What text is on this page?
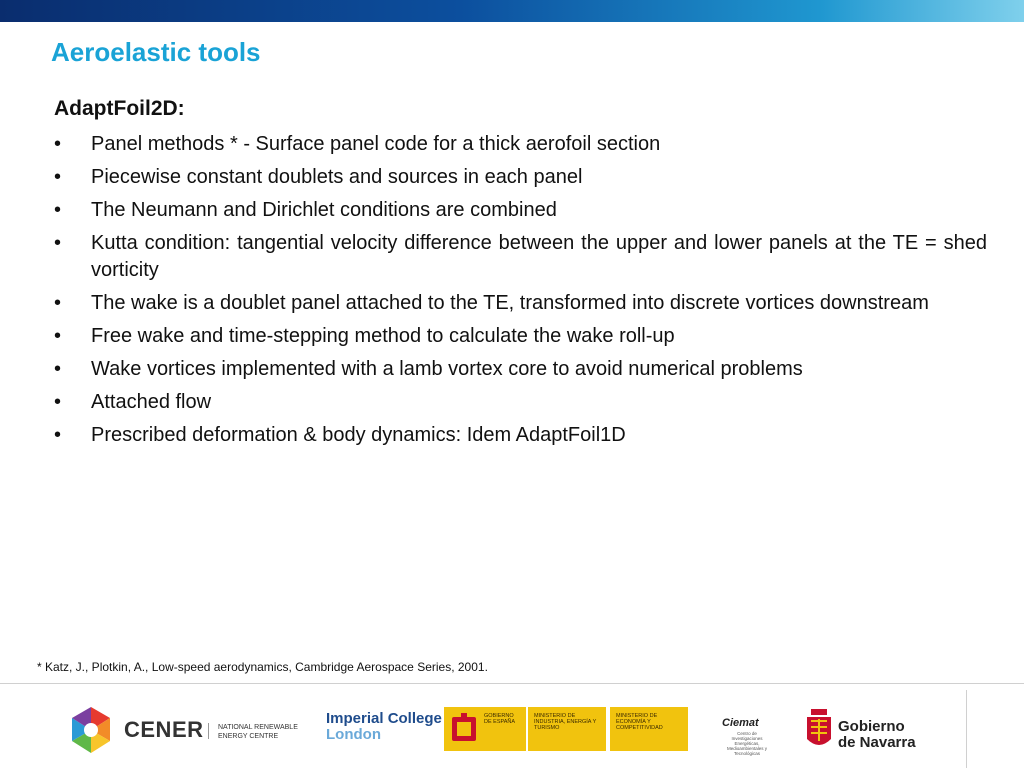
Aeroelastic tools
AdaptFoil2D:
• Panel methods * - Surface panel code for a thick aerofoil section
• Piecewise constant doublets and sources in each panel
• The Neumann and Dirichlet conditions are combined
• Kutta condition: tangential velocity difference between the upper and lower panels at the TE = shed vorticity
• The wake is a doublet panel attached to the TE, transformed into discrete vortices downstream
• Free wake and time-stepping method to calculate the wake roll-up
• Wake vortices implemented with a lamb vortex core to avoid numerical problems
• Attached flow
• Prescribed deformation & body dynamics: Idem AdaptFoil1D
* Katz, J., Plotkin, A., Low-speed aerodynamics, Cambridge Aerospace Series, 2001.
CENER NATIONAL RENEWABLE
ENERGY CENTRE
Imperial College
London
GOBIERNO DE ESPAÑA
MINISTERIO DE INDUSTRIA, ENERGÍA Y TURISMO
MINISTERIO DE ECONOMÍA Y COMPETITIVIDAD	Ciemat
Centro de Investigaciones Energéticas, Medioambientales y Tecnológicas
Gobierno
de Navarra
